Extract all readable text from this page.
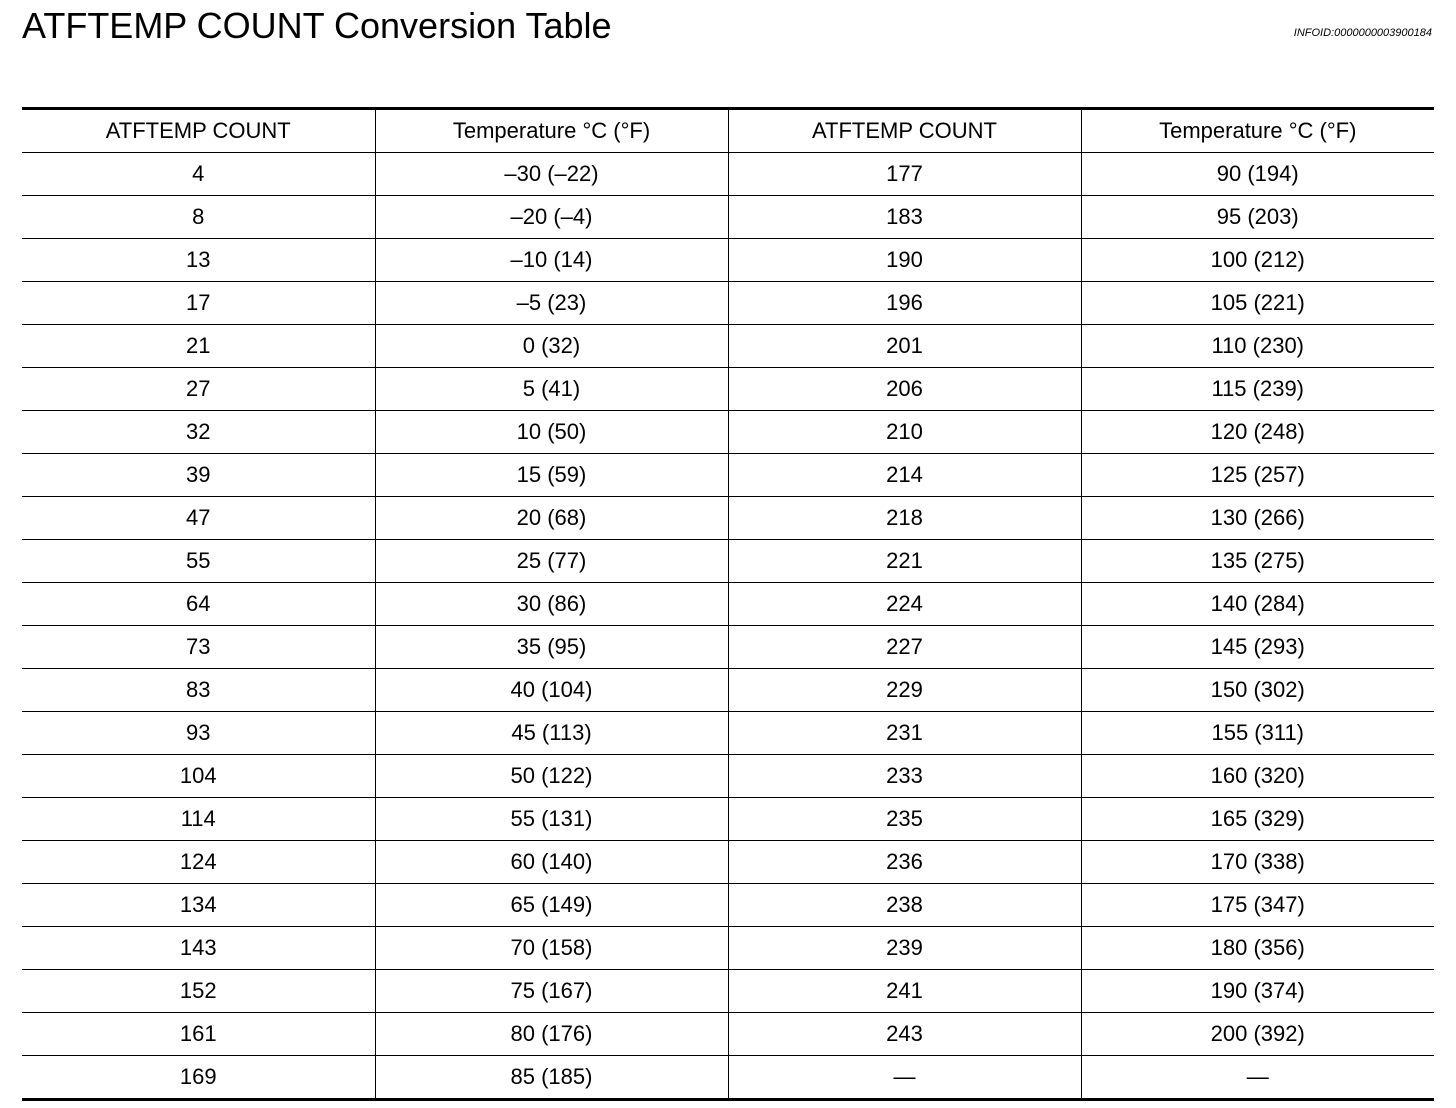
ATFTEMP COUNT Conversion Table	INFOID:0000000003900184
ATFTEMP COUNT	Temperature °C (°F)	ATFTEMP COUNT	Temperature °C (°F)
4	–30 (–22)	177	90 (194)
8	–20 (–4)	183	95 (203)
13	–10 (14)	190	100 (212)
17	–5 (23)	196	105 (221)
21	0 (32)	201	110 (230)
27	5 (41)	206	115 (239)
32	10 (50)	210	120 (248)
39	15 (59)	214	125 (257)
47	20 (68)	218	130 (266)
55	25 (77)	221	135 (275)
64	30 (86)	224	140 (284)
73	35 (95)	227	145 (293)
83	40 (104)	229	150 (302)
93	45 (113)	231	155 (311)
104	50 (122)	233	160 (320)
114	55 (131)	235	165 (329)
124	60 (140)	236	170 (338)
134	65 (149)	238	175 (347)
143	70 (158)	239	180 (356)
152	75 (167)	241	190 (374)
161	80 (176)	243	200 (392)
169	85 (185)	—	—
